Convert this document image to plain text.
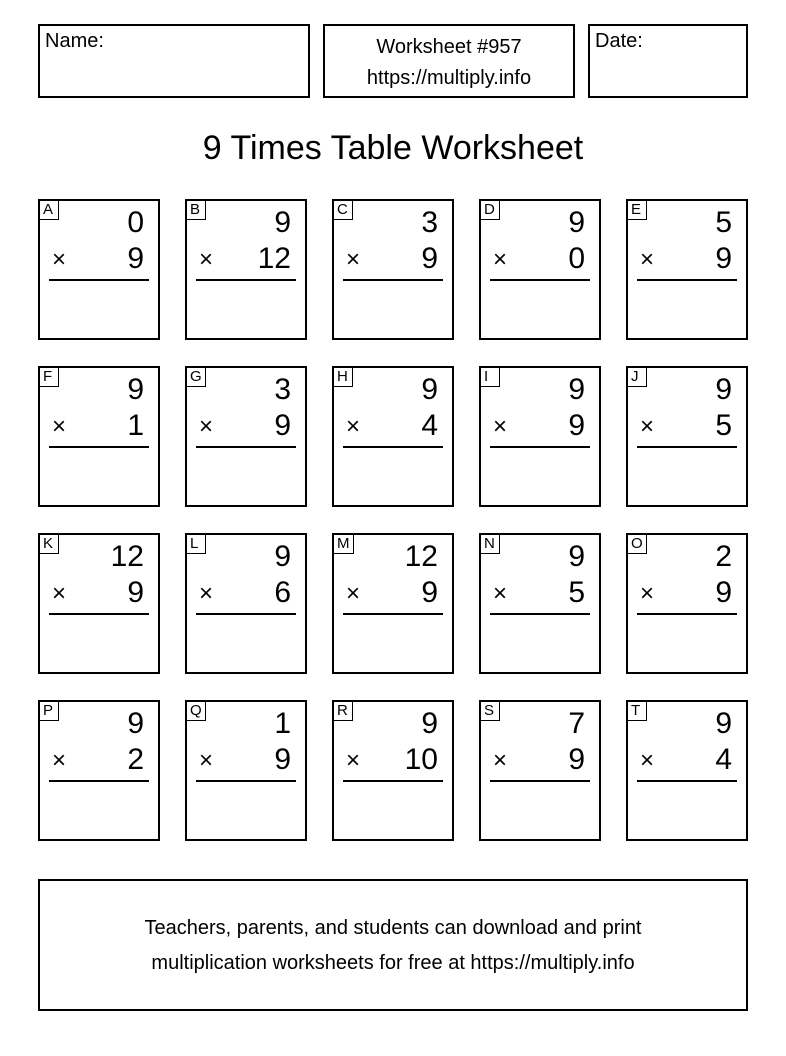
Name:	Worksheet #957
https://multiply.info
Date:
9 Times Table Worksheet
A 0
× 9
B 9
× 12
C 3
× 9
D 9
× 0
E 5
× 9
F	9
× 1
G 3
× 9
H 9
× 4
I	9
× 9
J	9
× 5
K 12
× 9
L	9
× 6
M 12
× 9
N 9
× 5
O 2
× 9
P 9
× 2
Q 1
× 9
R 9
× 10
S 7
× 9
T	9
× 4
Teachers, parents, and students can download and print
multiplication worksheets for free at https://multiply.info
